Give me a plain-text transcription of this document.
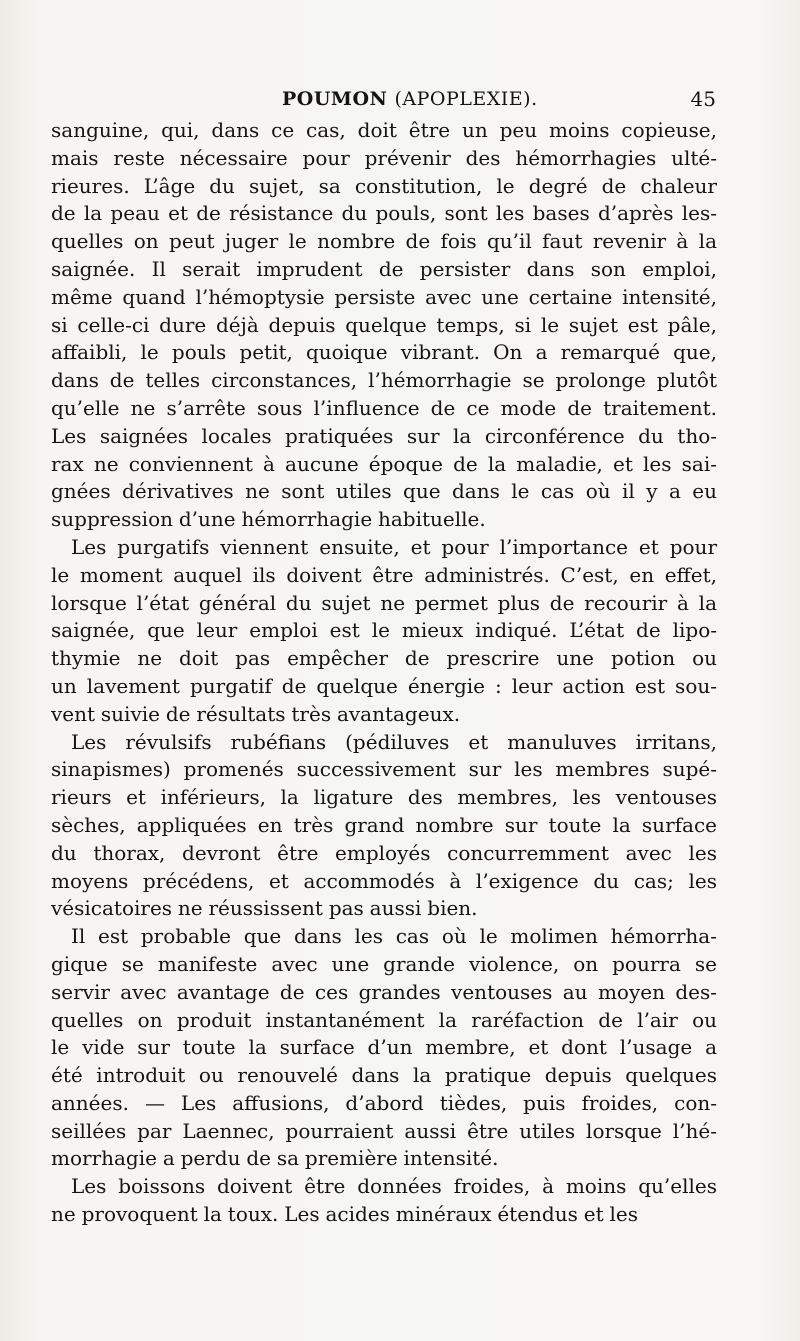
POUMON (APOPLEXIE).	45
sanguine, qui, dans ce cas, doit être un peu moins copieuse,
mais reste nécessaire pour prévenir des hémorrhagies ulté-
rieures. L’âge du sujet, sa constitution, le degré de chaleur
de la peau et de résistance du pouls, sont les bases d’après les-
quelles on peut juger le nombre de fois qu’il faut revenir à la
saignée. Il serait imprudent de persister dans son emploi,
même quand l’hémoptysie persiste avec une certaine intensité,
si celle-ci dure déjà depuis quelque temps, si le sujet est pâle,
affaibli, le pouls petit, quoique vibrant. On a remarqué que,
dans de telles circonstances, l’hémorrhagie se prolonge plutôt
qu’elle ne s’arrête sous l’influence de ce mode de traitement.
Les saignées locales pratiquées sur la circonférence du tho-
rax ne conviennent à aucune époque de la maladie, et les sai-
gnées dérivatives ne sont utiles que dans le cas où il y a eu
suppression d’une hémorrhagie habituelle.
Les purgatifs viennent ensuite, et pour l’importance et pour
le moment auquel ils doivent être administrés. C’est, en effet,
lorsque l’état général du sujet ne permet plus de recourir à la
saignée, que leur emploi est le mieux indiqué. L’état de lipo-
thymie ne doit pas empêcher de prescrire une potion ou
un lavement purgatif de quelque énergie : leur action est sou-
vent suivie de résultats très avantageux.
Les révulsifs rubéfians (pédiluves et manuluves irritans,
sinapismes) promenés successivement sur les membres supé-
rieurs et inférieurs, la ligature des membres, les ventouses
sèches, appliquées en très grand nombre sur toute la surface
du thorax, devront être employés concurremment avec les
moyens précédens, et accommodés à l’exigence du cas; les
vésicatoires ne réussissent pas aussi bien.
Il est probable que dans les cas où le molimen hémorrha-
gique se manifeste avec une grande violence, on pourra se
servir avec avantage de ces grandes ventouses au moyen des-
quelles on produit instantanément la raréfaction de l’air ou
le vide sur toute la surface d’un membre, et dont l’usage a
été introduit ou renouvelé dans la pratique depuis quelques
années. — Les affusions, d’abord tièdes, puis froides, con-
seillées par Laennec, pourraient aussi être utiles lorsque l’hé-
morrhagie a perdu de sa première intensité.
Les boissons doivent être données froides, à moins qu’elles
ne provoquent la toux. Les acides minéraux étendus et les
